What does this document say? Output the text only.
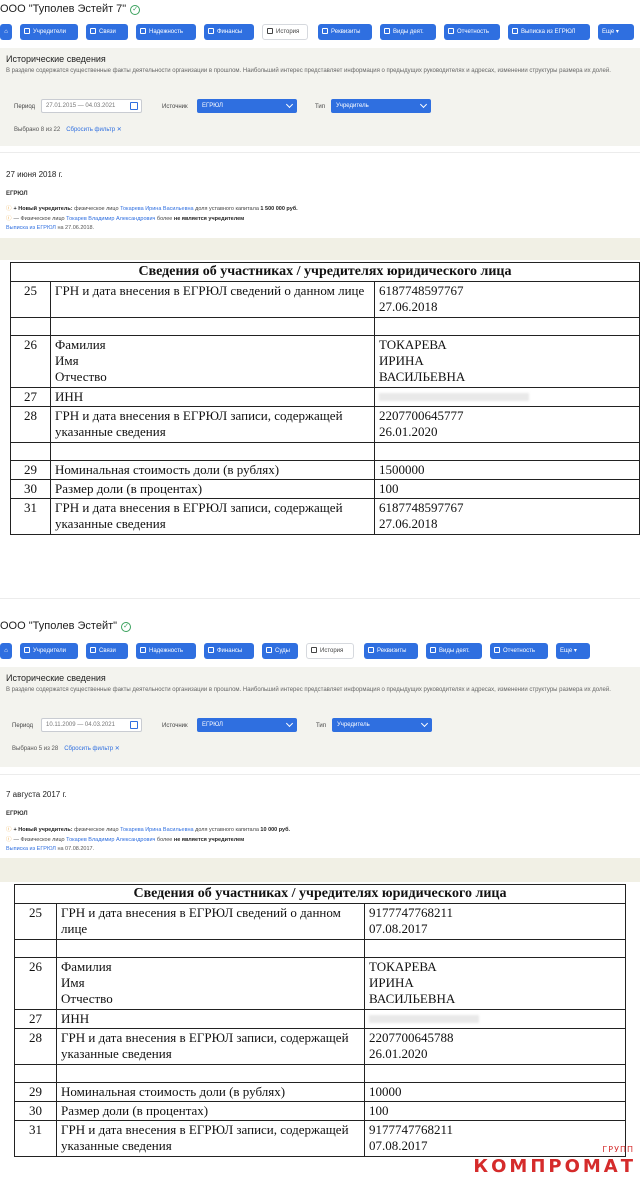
ООО "Туполев Эстейт 7" ✓
⌂	Учредители	Связи	Надежность	Финансы	История	Реквизиты	Виды деят.	Отчетность	Выписка из ЕГРЮЛ	Еще ▾
Исторические сведения
В разделе содержатся существенные факты деятельности организации в прошлом. Наибольший интерес представляет информация о предыдущих руководителях и адресах, изменении структуры размера их долей.
Период	27.01.2015 — 04.03.2021	Источник	ЕГРЮЛ	Тип	Учредитель
Выбрано 8 из 22 Сбросить фильтр ✕
27 июня 2018 г.
ЕГРЮЛ
ⓘ + Новый учредитель: физическое лицо Токарева Ирина Васильевна доля уставного капитала 1 500 000 руб.
ⓘ — Физическое лицо Токарев Владимир Александрович более не является учредителем
Выписка из ЕГРЮЛ на 27.06.2018.
Сведения об участниках / учредителях юридического лица		
25	ГРН и дата внесения в ЕГРЮЛ сведений о данном лице	6187748597767
27.06.2018

26	Фамилия
Имя
Отчество	ТОКАРЕВА
ИРИНА
ВАСИЛЬЕВНА
27	ИНН	
28	ГРН и дата внесения в ЕГРЮЛ записи, содержащей указанные сведения	2207700645777
26.01.2020

29	Номинальная стоимость доли (в рублях)	1500000
30	Размер доли (в процентах)	100
31	ГРН и дата внесения в ЕГРЮЛ записи, содержащей указанные сведения	6187748597767
27.06.2018
ООО "Туполев Эстейт" ✓
⌂	Учредители	Связи	Надежность	Финансы	Суды	История	Реквизиты	Виды деят.	Отчетность	Еще ▾
Исторические сведения
В разделе содержатся существенные факты деятельности организации в прошлом. Наибольший интерес представляет информация о предыдущих руководителях и адресах, изменении структуры размера их долей.
Период	10.11.2009 — 04.03.2021	Источник	ЕГРЮЛ	Тип	Учредитель
Выбрано 5 из 28 Сбросить фильтр ✕
7 августа 2017 г.
ЕГРЮЛ
ⓘ + Новый учредитель: физическое лицо Токарева Ирина Васильевна доля уставного капитала 10 000 руб.
ⓘ — Физическое лицо Токарев Владимир Александрович более не является учредителем
Выписка из ЕГРЮЛ на 07.08.2017.
Сведения об участниках / учредителях юридического лица		
25	ГРН и дата внесения в ЕГРЮЛ сведений о данном лице	9177747768211
07.08.2017

26	Фамилия
Имя
Отчество	ТОКАРЕВА
ИРИНА
ВАСИЛЬЕВНА
27	ИНН	
28	ГРН и дата внесения в ЕГРЮЛ записи, содержащей указанные сведения	2207700645788
26.01.2020

29	Номинальная стоимость доли (в рублях)	10000
30	Размер доли (в процентах)	100
31	ГРН и дата внесения в ЕГРЮЛ записи, содержащей указанные сведения	9177747768211
07.08.2017	ГРУПП
КОМПРОМАТ
